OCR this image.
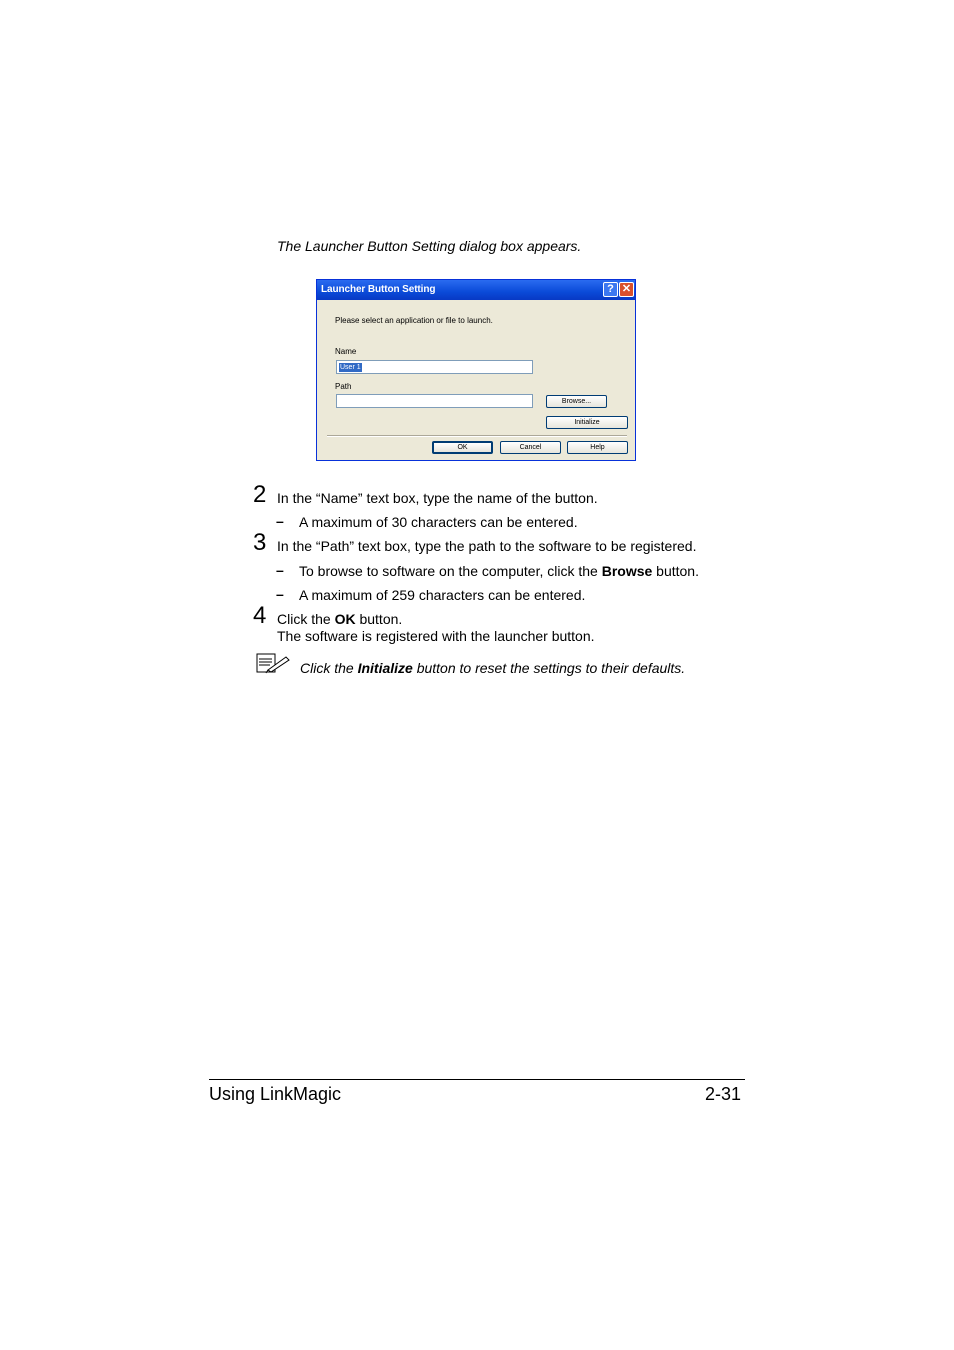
The Launcher Button Setting dialog box appears.
Launcher Button Setting	? ✕
Please select an application or file to launch.
Name
User 1
Path
Browse...
Initialize
OK	Cancel	Help
2 In the “Name” text box, type the name of the button.
– A maximum of 30 characters can be entered.
3 In the “Path” text box, type the path to the software to be registered.
– To browse to software on the computer, click the Browse button.
– A maximum of 259 characters can be entered.
4 Click the OK button.
The software is registered with the launcher button.
Click the Initialize button to reset the settings to their defaults.
Using LinkMagic	2-31
